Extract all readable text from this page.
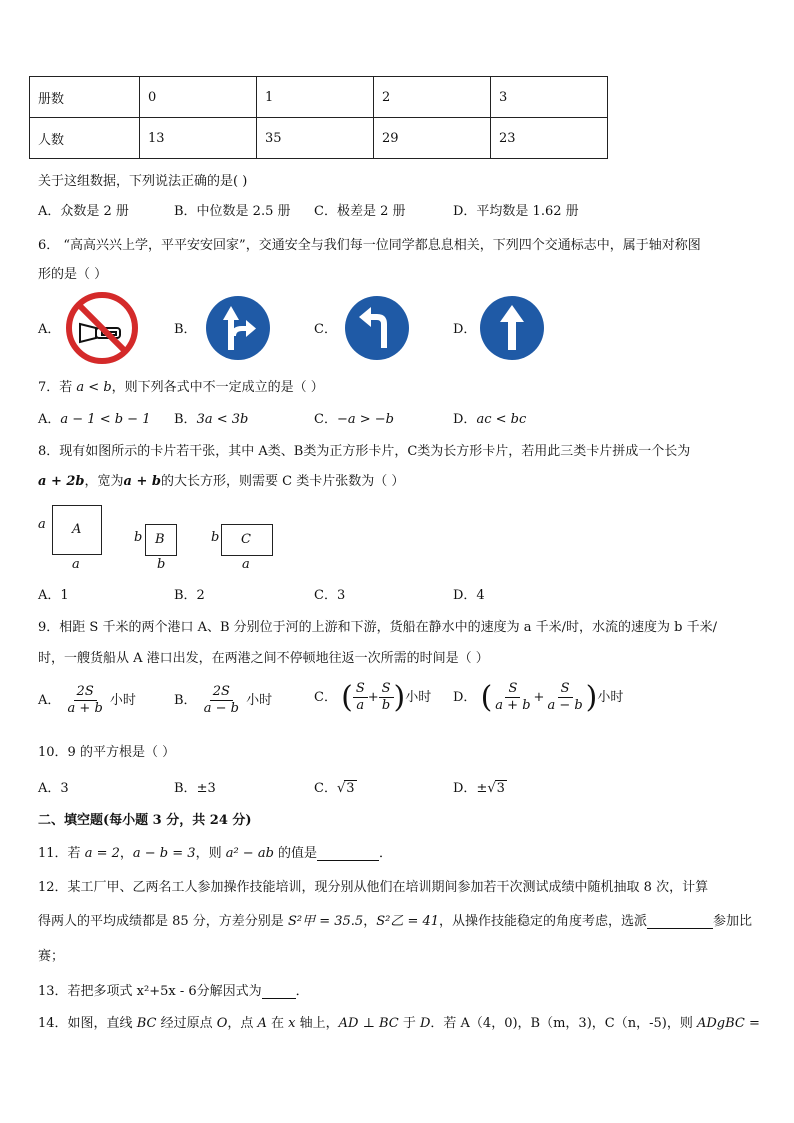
册数	0	1	2	3
人数	13	35	29	23
关于这组数据，下列说法正确的是( )
A．众数是 2 册	B．中位数是 2.5 册 C．极差是 2 册	D．平均数是 1.62 册
6． “高高兴兴上学，平平安安回家”，交通安全与我们每一位同学都息息相关，下列四个交通标志中，属于轴对称图
形的是（ ）
A．	B．	C．	D．
7．若 a < b，则下列各式中不一定成立的是（ ）
A．a − 1 < b − 1 B．3a < 3b	C．−a > −b	D．ac < bc
8．现有如图所示的卡片若干张，其中 A类、B类为正方形卡片，C类为长方形卡片，若用此三类卡片拼成一个长为
a + 2b，宽为a + b的大长方形，则需要 C 类卡片张数为（ ）
a A
a
b B
b
b C
a
A．1	B．2	C．3	D．4
9．相距 S 千米的两个港口 A、B 分别位于河的上游和下游，货船在静水中的速度为 a 千米/时，水流的速度为 b 千米/
时，一艘货船从 A 港口出发，在两港之间不停顿地往返一次所需的时间是（ ）
A． $\frac{2S}{a + b}$ 小时	B． $\frac{2S}{a - b}$ 小时	C． ( $\frac{S}{a} + \frac{S}{b}$ )小时 D． ( $\frac{S}{a + b} + \frac{S}{a - b}$ )小时
10．9 的平方根是（ ）
A．3	B．±3	C．√3	D．±√3
二、填空题(每小题 3 分，共 24 分)
11．若 a = 2，a − b = 3，则 a² − ab 的值是	．
12．某工厂甲、乙两名工人参加操作技能培训，现分别从他们在培训期间参加若干次测试成绩中随机抽取 8 次，计算
得两人的平均成绩都是 85 分，方差分别是 S²甲 = 35.5，S²乙 = 41，从操作技能稳定的角度考虑，选派	参加比
赛；
13．若把多项式 x²+5x - 6分解因式为	．
14．如图，直线 BC 经过原点 O，点 A 在 x 轴上，AD ⊥ BC 于 D．若 A（4，0)，B（m，3)，C（n，-5)，则 ADgBC =
